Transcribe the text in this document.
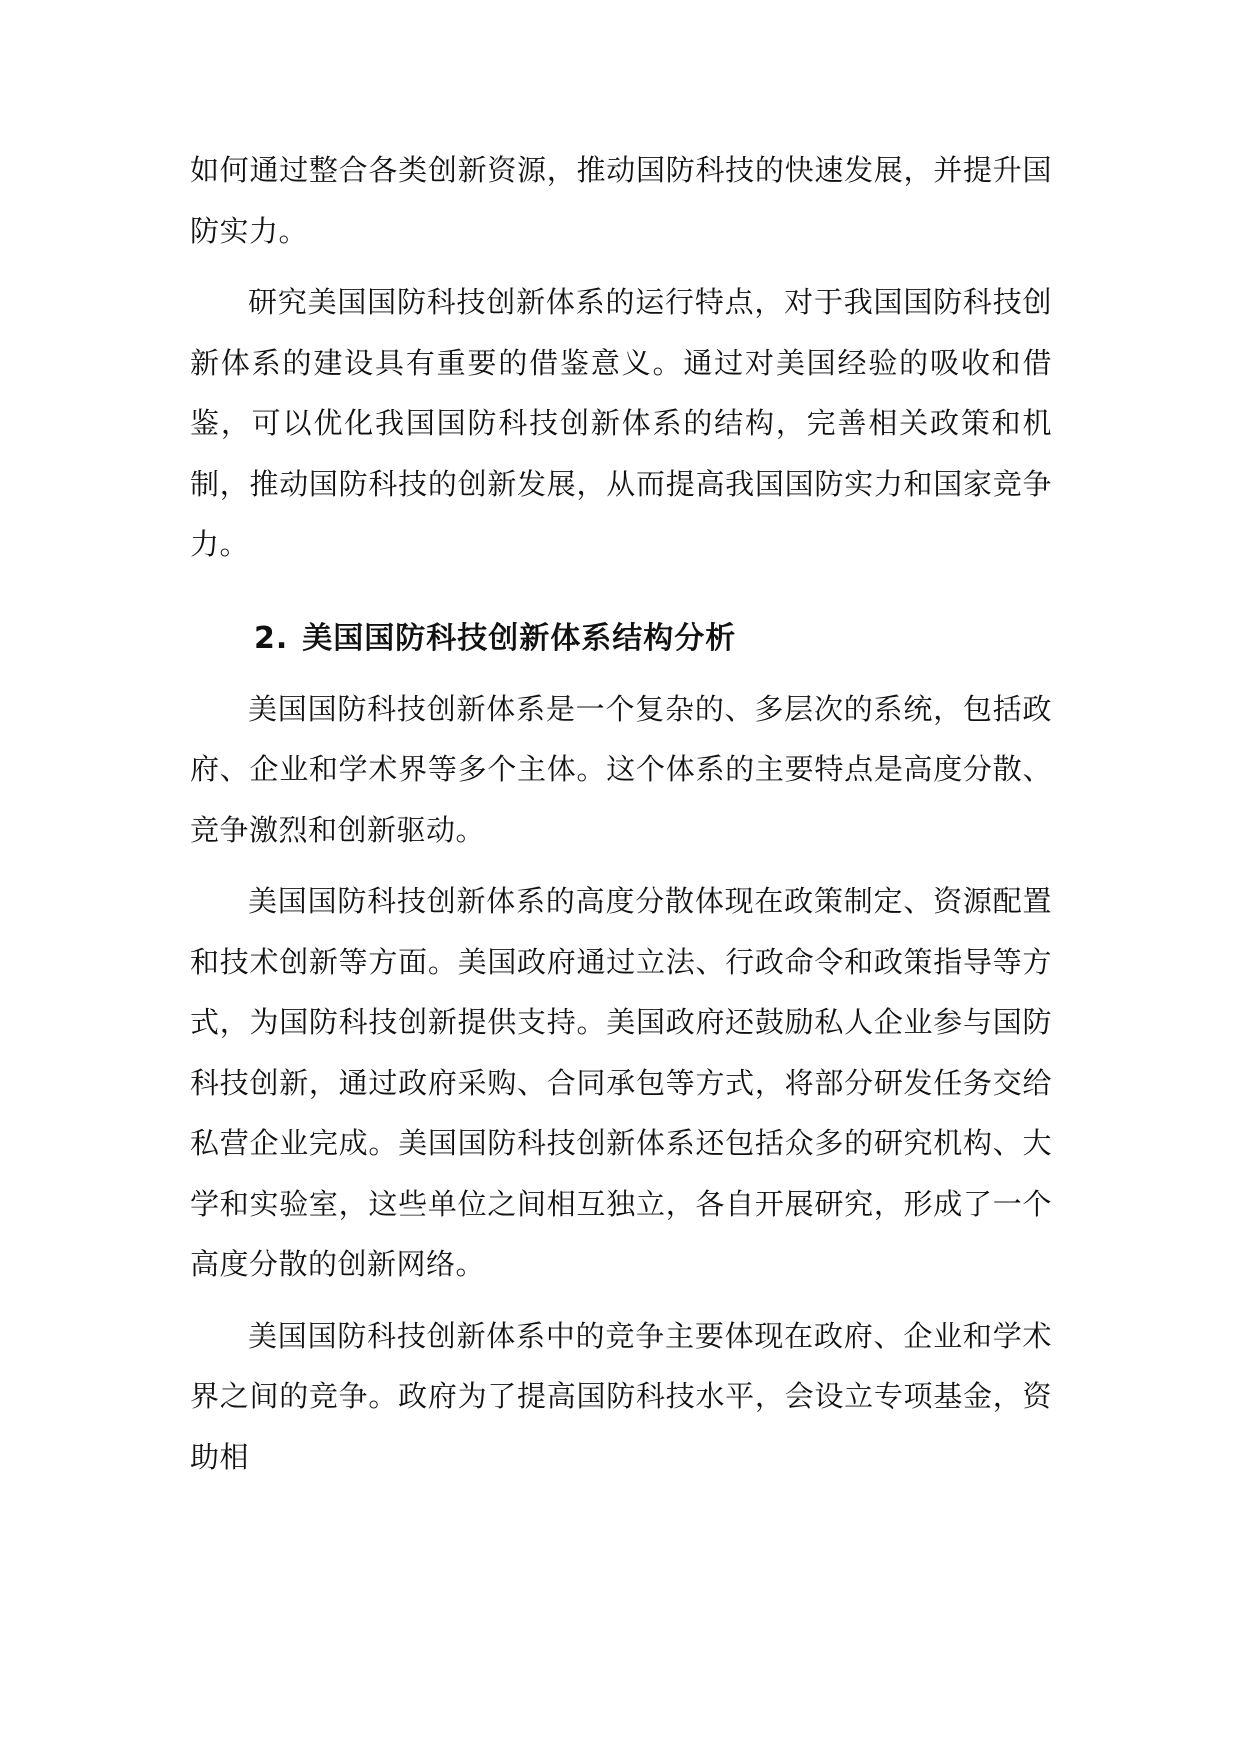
如何通过整合各类创新资源，推动国防科技的快速发展，并提升国防实力。

研究美国国防科技创新体系的运行特点，对于我国国防科技创新体系的建设具有重要的借鉴意义。通过对美国经验的吸收和借鉴，可以优化我国国防科技创新体系的结构，完善相关政策和机制，推动国防科技的创新发展，从而提高我国国防实力和国家竞争力。

2. 美国国防科技创新体系结构分析

美国国防科技创新体系是一个复杂的、多层次的系统，包括政府、企业和学术界等多个主体。这个体系的主要特点是高度分散、竞争激烈和创新驱动。

美国国防科技创新体系的高度分散体现在政策制定、资源配置和技术创新等方面。美国政府通过立法、行政命令和政策指导等方式，为国防科技创新提供支持。美国政府还鼓励私人企业参与国防科技创新，通过政府采购、合同承包等方式，将部分研发任务交给私营企业完成。美国国防科技创新体系还包括众多的研究机构、大学和实验室，这些单位之间相互独立，各自开展研究，形成了一个高度分散的创新网络。

美国国防科技创新体系中的竞争主要体现在政府、企业和学术界之间的竞争。政府为了提高国防科技水平，会设立专项基金，资助相
